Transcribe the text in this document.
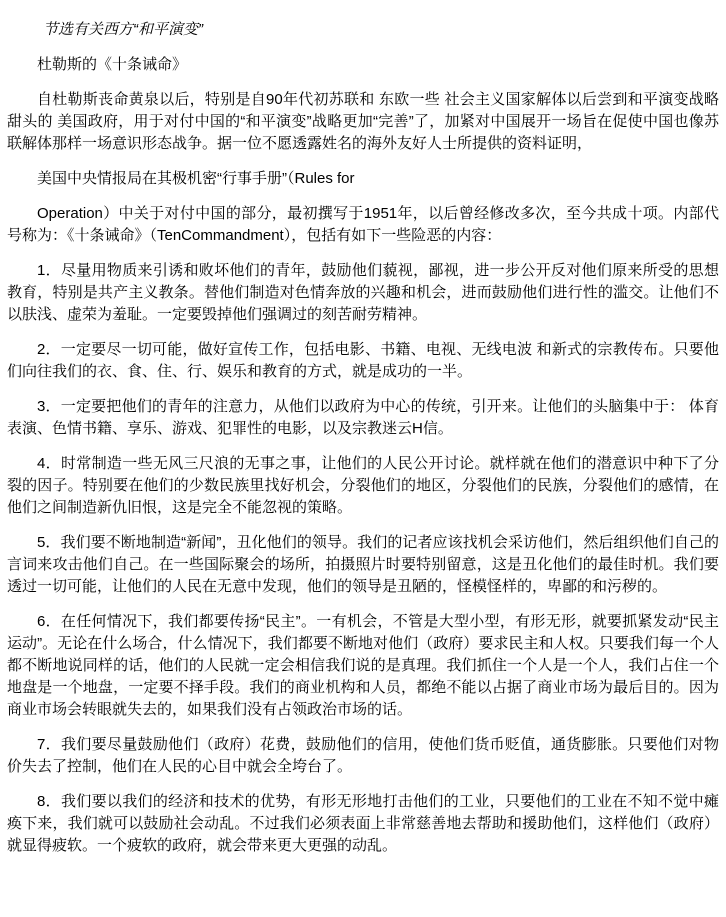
节选有关西方“和平演变”

杜勒斯的《十条诫命》

自杜勒斯丧命黄泉以后，特别是自90年代初苏联和 东欧一些 社会主义国家解体以后尝到和平演变战略甜头的 美国政府，用于对付中国的“和平演变”战略更加“完善”了，加紧对中国展开一场旨在促使中国也像苏联解体那样一场意识形态战争。据一位不愿透露姓名的海外友好人士所提供的资料证明，

美国中央情报局在其极机密“行事手册”（Rules for

Operation）中关于对付中国的部分，最初撰写于1951年，以后曾经修改多次，至今共成十项。内部代号称为：《十条诫命》（TenCommandment），包括有如下一些险恶的内容：

1．尽量用物质来引诱和败坏他们的青年，鼓励他们藐视，鄙视，进一步公开反对他们原来所受的思想教育，特别是共产主义教条。替他们制造对色情奔放的兴趣和机会，进而鼓励他们进行性的滥交。让他们不以肤浅、虚荣为羞耻。一定要毁掉他们强调过的刻苦耐劳精神。

2．一定要尽一切可能，做好宣传工作，包括电影、书籍、电视、无线电波 和新式的宗教传布。只要他们向往我们的衣、食、住、行、娱乐和教育的方式，就是成功的一半。

3．一定要把他们的青年的注意力，从他们以政府为中心的传统，引开来。让他们的头脑集中于： 体育表演、色情书籍、享乐、游戏、犯罪性的电影，以及宗教迷云H信。

4．时常制造一些无风三尺浪的无事之事，让他们的人民公开讨论。就样就在他们的潜意识中种下了分裂的因子。特别要在他们的少数民族里找好机会，分裂他们的地区，分裂他们的民族，分裂他们的感情，在他们之间制造新仇旧恨，这是完全不能忽视的策略。

5．我们要不断地制造“新闻”，丑化他们的领导。我们的记者应该找机会采访他们，然后组织他们自己的言词来攻击他们自己。在一些国际聚会的场所，拍摄照片时要特别留意，这是丑化他们的最佳时机。我们要透过一切可能，让他们的人民在无意中发现，他们的领导是丑陋的，怪模怪样的，卑鄙的和污秽的。

6．在任何情况下，我们都要传扬“民主”。一有机会，不管是大型小型，有形无形，就要抓紧发动“民主运动”。无论在什么场合，什么情况下，我们都要不断地对他们（政府）要求民主和人权。只要我们每一个人都不断地说同样的话，他们的人民就一定会相信我们说的是真理。我们抓住一个人是一个人，我们占住一个地盘是一个地盘，一定要不择手段。我们的商业机构和人员，都绝不能以占据了商业市场为最后目的。因为商业市场会转眼就失去的，如果我们没有占领政治市场的话。

7．我们要尽量鼓励他们（政府）花费，鼓励他们的信用，使他们货币贬值，通货膨胀。只要他们对物价失去了控制，他们在人民的心目中就会全垮台了。

8．我们要以我们的经济和技术的优势，有形无形地打击他们的工业，只要他们的工业在不知不觉中瘫痪下来，我们就可以鼓励社会动乱。不过我们必须表面上非常慈善地去帮助和援助他们，这样他们（政府）就显得疲软。一个疲软的政府，就会带来更大更强的动乱。
